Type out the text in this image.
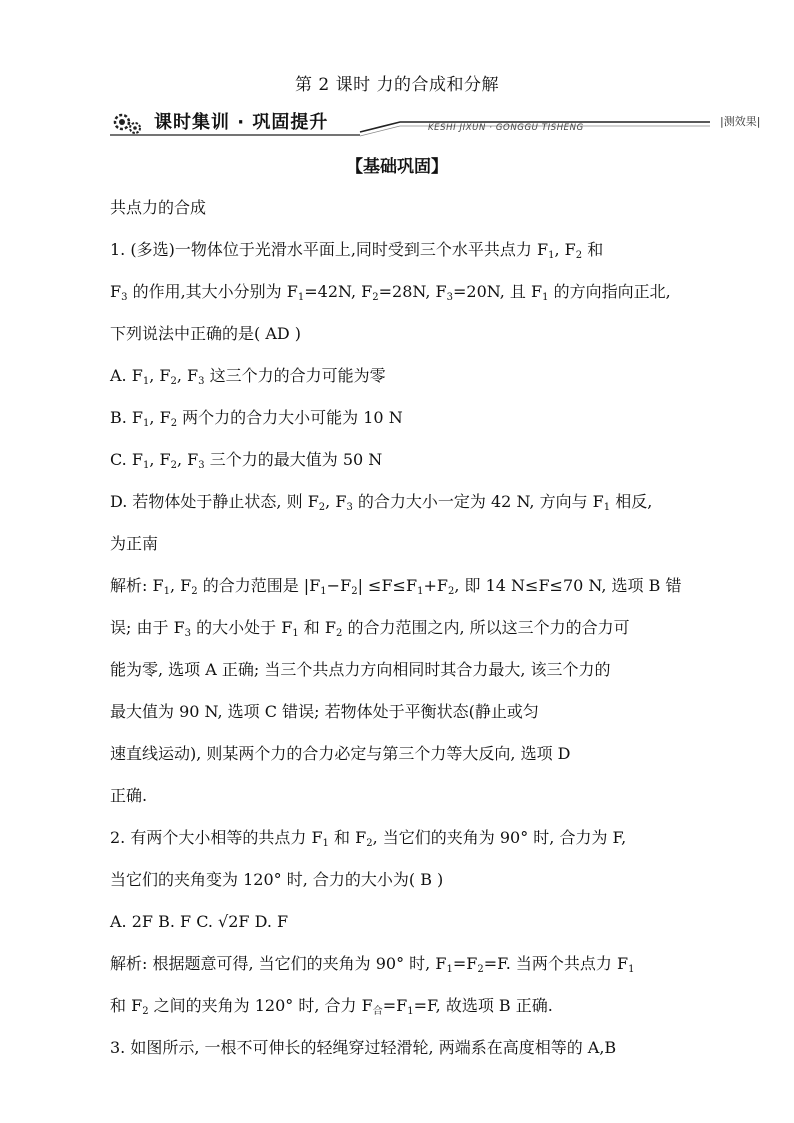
第 2 课时 力的合成和分解
课时集训 · 巩固提升	KESHI JIXUN · GONGGU TISHENG	|测效果|
【基础巩固】
共点力的合成
1. (多选)一物体位于光滑水平面上,同时受到三个水平共点力 $F_1$, $F_2$ 和
$F_3$ 的作用,其大小分别为 $F_1=42N$, $F_2=28N$, $F_3=20N$, 且 $F_1$ 的方向指向正北,
下列说法中正确的是( AD )
A. $F_1$, $F_2$, $F_3$ 这三个力的合力可能为零
B. $F_1$, $F_2$ 两个力的合力大小可能为 10 N
C. $F_1$, $F_2$, $F_3$ 三个力的最大值为 50 N
D. 若物体处于静止状态, 则 $F_2$, $F_3$ 的合力大小一定为 42 N, 方向与 $F_1$ 相反,
为正南
解析: $F_1$, $F_2$ 的合力范围是 $|F_1-F_2| \le F\le F_1+F_2$, 即 14 N≤F≤70 N, 选项 B 错
误; 由于 $F_3$ 的大小处于 $F_1$ 和 $F_2$ 的合力范围之内, 所以这三个力的合力可
能为零, 选项 A 正确; 当三个共点力方向相同时其合力最大, 该三个力的
最大值为 90 N, 选项 C 错误; 若物体处于平衡状态(静止或匀
速直线运动), 则某两个力的合力必定与第三个力等大反向, 选项 D
正确.
2. 有两个大小相等的共点力 $F_1$ 和 $F_2$, 当它们的夹角为 90° 时, 合力为 F,
当它们的夹角变为 120° 时, 合力的大小为( B )
A. 2F B. F C. √2F D. F
解析: 根据题意可得, 当它们的夹角为 90° 时, $F_1=F_2=F$. 当两个共点力 $F_1$
和 $F_2$ 之间的夹角为 120° 时, 合力 $F_合=F_1=F$, 故选项 B 正确.
3. 如图所示, 一根不可伸长的轻绳穿过轻滑轮, 两端系在高度相等的 A,B
